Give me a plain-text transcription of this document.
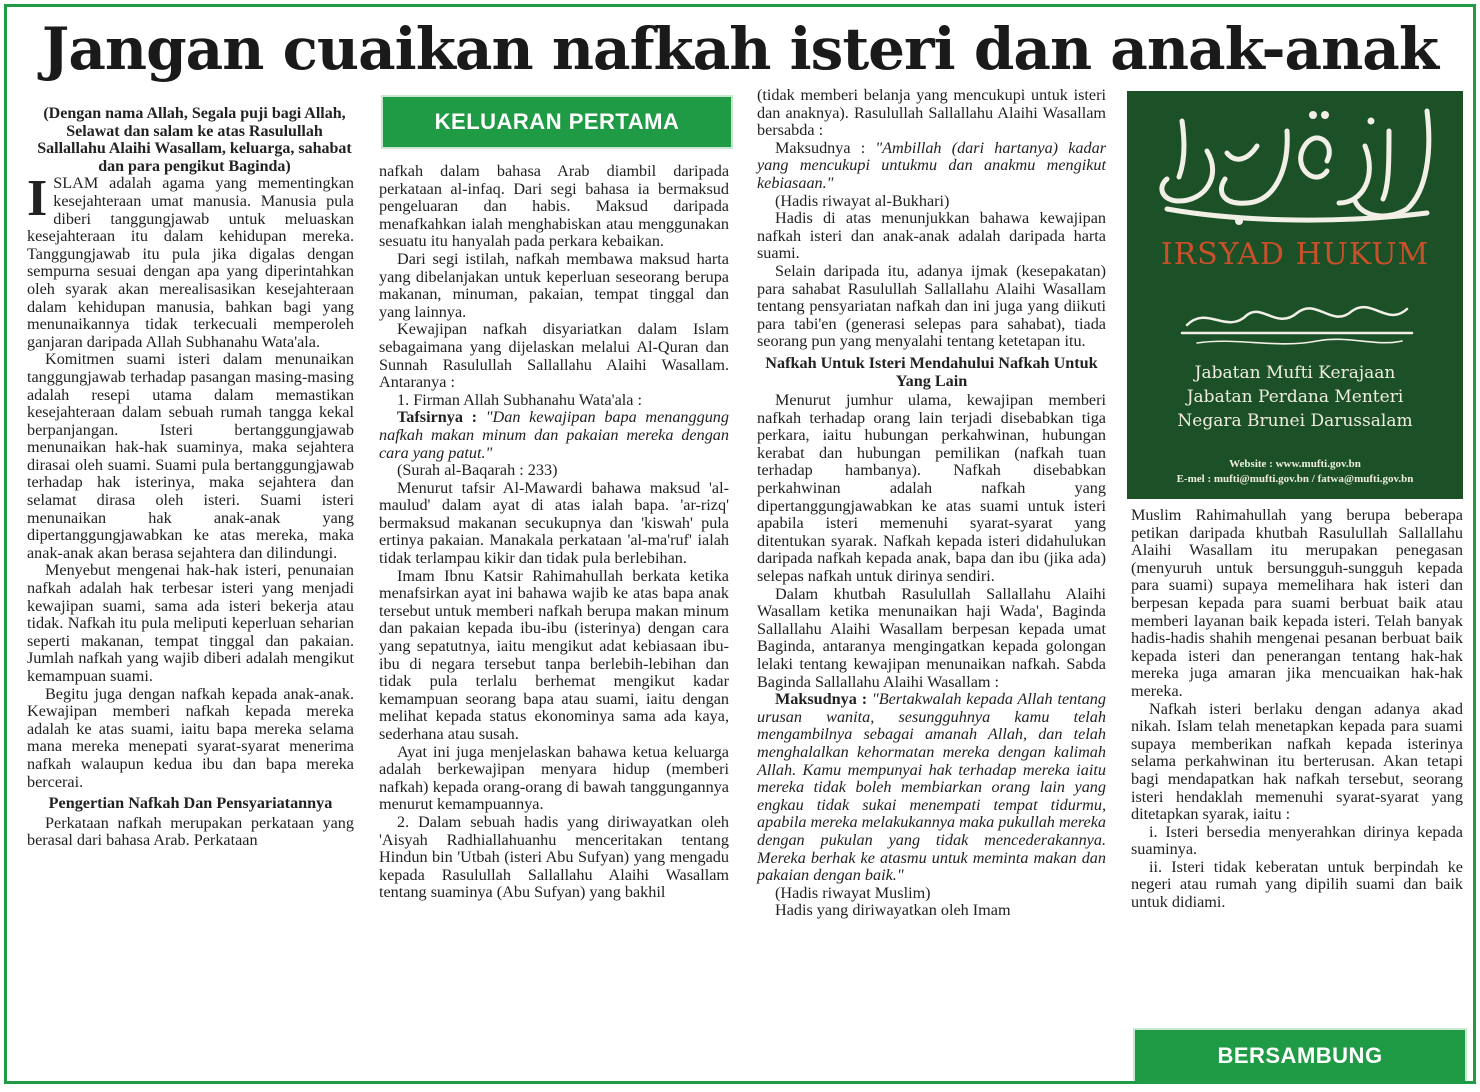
Jangan cuaikan nafkah isteri dan anak-anak

(Dengan nama Allah, Segala puji bagi Allah, Selawat dan salam ke atas Rasulullah Sallallahu Alaihi Wasallam, keluarga, sahabat dan para pengikut Baginda)

ISLAM adalah agama yang mementingkan kesejahteraan umat manusia. Manusia pula diberi tanggungjawab untuk meluaskan kesejahteraan itu dalam kehidupan mereka. Tanggungjawab itu pula jika digalas dengan sempurna sesuai dengan apa yang diperintahkan oleh syarak akan merealisasikan kesejahteraan dalam kehidupan manusia, bahkan bagi yang menunaikannya tidak terkecuali memperoleh ganjaran daripada Allah Subhanahu Wata'ala.

Komitmen suami isteri dalam menunaikan tanggungjawab terhadap pasangan masing-masing adalah resepi utama dalam memastikan kesejahteraan dalam sebuah rumah tangga kekal berpanjangan. Isteri bertanggungjawab menunaikan hak-hak suaminya, maka sejahtera dirasai oleh suami. Suami pula bertanggungjawab terhadap hak isterinya, maka sejahtera dan selamat dirasa oleh isteri. Suami isteri menunaikan hak anak-anak yang dipertanggungjawabkan ke atas mereka, maka anak-anak akan berasa sejahtera dan dilindungi.

Menyebut mengenai hak-hak isteri, penunaian nafkah adalah hak terbesar isteri yang menjadi kewajipan suami, sama ada isteri bekerja atau tidak. Nafkah itu pula meliputi keperluan seharian seperti makanan, tempat tinggal dan pakaian. Jumlah nafkah yang wajib diberi adalah mengikut kemampuan suami.

Begitu juga dengan nafkah kepada anak-anak. Kewajipan memberi nafkah kepada mereka adalah ke atas suami, iaitu bapa mereka selama mana mereka menepati syarat-syarat menerima nafkah walaupun kedua ibu dan bapa mereka bercerai.

Pengertian Nafkah Dan Pensyariatannya

Perkataan nafkah merupakan perkataan yang berasal dari bahasa Arab. Perkataan

KELUARAN PERTAMA

nafkah dalam bahasa Arab diambil daripada perkataan al-infaq. Dari segi bahasa ia bermaksud pengeluaran dan habis. Maksud daripada menafkahkan ialah menghabiskan atau menggunakan sesuatu itu hanyalah pada perkara kebaikan.

Dari segi istilah, nafkah membawa maksud harta yang dibelanjakan untuk keperluan seseorang berupa makanan, minuman, pakaian, tempat tinggal dan yang lainnya.

Kewajipan nafkah disyariatkan dalam Islam sebagaimana yang dijelaskan melalui Al-Quran dan Sunnah Rasulullah Sallallahu Alaihi Wasallam. Antaranya :

1. Firman Allah Subhanahu Wata'ala :

Tafsirnya : "Dan kewajipan bapa menanggung nafkah makan minum dan pakaian mereka dengan cara yang patut."

(Surah al-Baqarah : 233)

Menurut tafsir Al-Mawardi bahawa maksud 'al-maulud' dalam ayat di atas ialah bapa. 'ar-rizq' bermaksud makanan secukupnya dan 'kiswah' pula ertinya pakaian. Manakala perkataan 'al-ma'ruf' ialah tidak terlampau kikir dan tidak pula berlebihan.

Imam Ibnu Katsir Rahimahullah berkata ketika menafsirkan ayat ini bahawa wajib ke atas bapa anak tersebut untuk memberi nafkah berupa makan minum dan pakaian kepada ibu-ibu (isterinya) dengan cara yang sepatutnya, iaitu mengikut adat kebiasaan ibu-ibu di negara tersebut tanpa berlebih-lebihan dan tidak pula terlalu berhemat mengikut kadar kemampuan seorang bapa atau suami, iaitu dengan melihat kepada status ekonominya sama ada kaya, sederhana atau susah.

Ayat ini juga menjelaskan bahawa ketua keluarga adalah berkewajipan menyara hidup (memberi nafkah) kepada orang-orang di bawah tanggungannya menurut kemampuannya.

2. Dalam sebuah hadis yang diriwayatkan oleh 'Aisyah Radhiallahuanhu menceritakan tentang Hindun bin 'Utbah (isteri Abu Sufyan) yang mengadu kepada Rasulullah Sallallahu Alaihi Wasallam tentang suaminya (Abu Sufyan) yang bakhil

(tidak memberi belanja yang mencukupi untuk isteri dan anaknya). Rasulullah Sallallahu Alaihi Wasallam bersabda :

Maksudnya : "Ambillah (dari hartanya) kadar yang mencukupi untukmu dan anakmu mengikut kebiasaan."

(Hadis riwayat al-Bukhari)

Hadis di atas menunjukkan bahawa kewajipan nafkah isteri dan anak-anak adalah daripada harta suami.

Selain daripada itu, adanya ijmak (kesepakatan) para sahabat Rasulullah Sallallahu Alaihi Wasallam tentang pensyariatan nafkah dan ini juga yang diikuti para tabi'en (generasi selepas para sahabat), tiada seorang pun yang menyalahi tentang ketetapan itu.

Nafkah Untuk Isteri Mendahului Nafkah Untuk Yang Lain

Menurut jumhur ulama, kewajipan memberi nafkah terhadap orang lain terjadi disebabkan tiga perkara, iaitu hubungan perkahwinan, hubungan kerabat dan hubungan pemilikan (nafkah tuan terhadap hambanya). Nafkah disebabkan perkahwinan adalah nafkah yang dipertanggungjawabkan ke atas suami untuk isteri apabila isteri memenuhi syarat-syarat yang ditentukan syarak. Nafkah kepada isteri didahulukan daripada nafkah kepada anak, bapa dan ibu (jika ada) selepas nafkah untuk dirinya sendiri.

Dalam khutbah Rasulullah Sallallahu Alaihi Wasallam ketika menunaikan haji Wada', Baginda Sallallahu Alaihi Wasallam berpesan kepada umat Baginda, antaranya mengingatkan kepada golongan lelaki tentang kewajipan menunaikan nafkah. Sabda Baginda Sallallahu Alaihi Wasallam :

Maksudnya : "Bertakwalah kepada Allah tentang urusan wanita, sesungguhnya kamu telah mengambilnya sebagai amanah Allah, dan telah menghalalkan kehormatan mereka dengan kalimah Allah. Kamu mempunyai hak terhadap mereka iaitu mereka tidak boleh membiarkan orang lain yang engkau tidak sukai menempati tempat tidurmu, apabila mereka melakukannya maka pukullah mereka dengan pukulan yang tidak mencederakannya. Mereka berhak ke atasmu untuk meminta makan dan pakaian dengan baik."

(Hadis riwayat Muslim)

Hadis yang diriwayatkan oleh Imam

IRSYAD HUKUM
Jabatan Mufti Kerajaan
Jabatan Perdana Menteri
Negara Brunei Darussalam
Website : www.mufti.gov.bn
E-mel : mufti@mufti.gov.bn / fatwa@mufti.gov.bn

Muslim Rahimahullah yang berupa beberapa petikan daripada khutbah Rasulullah Sallallahu Alaihi Wasallam itu merupakan penegasan (menyuruh untuk bersungguh-sungguh kepada para suami) supaya memelihara hak isteri dan berpesan kepada para suami berbuat baik atau memberi layanan baik kepada isteri. Telah banyak hadis-hadis shahih mengenai pesanan berbuat baik kepada isteri dan penerangan tentang hak-hak mereka juga amaran jika mencuaikan hak-hak mereka.

Nafkah isteri berlaku dengan adanya akad nikah. Islam telah menetapkan kepada para suami supaya memberikan nafkah kepada isterinya selama perkahwinan itu berterusan. Akan tetapi bagi mendapatkan hak nafkah tersebut, seorang isteri hendaklah memenuhi syarat-syarat yang ditetapkan syarak, iaitu :

i. Isteri bersedia menyerahkan dirinya kepada suaminya.

ii. Isteri tidak keberatan untuk berpindah ke negeri atau rumah yang dipilih suami dan baik untuk didiami.

BERSAMBUNG
